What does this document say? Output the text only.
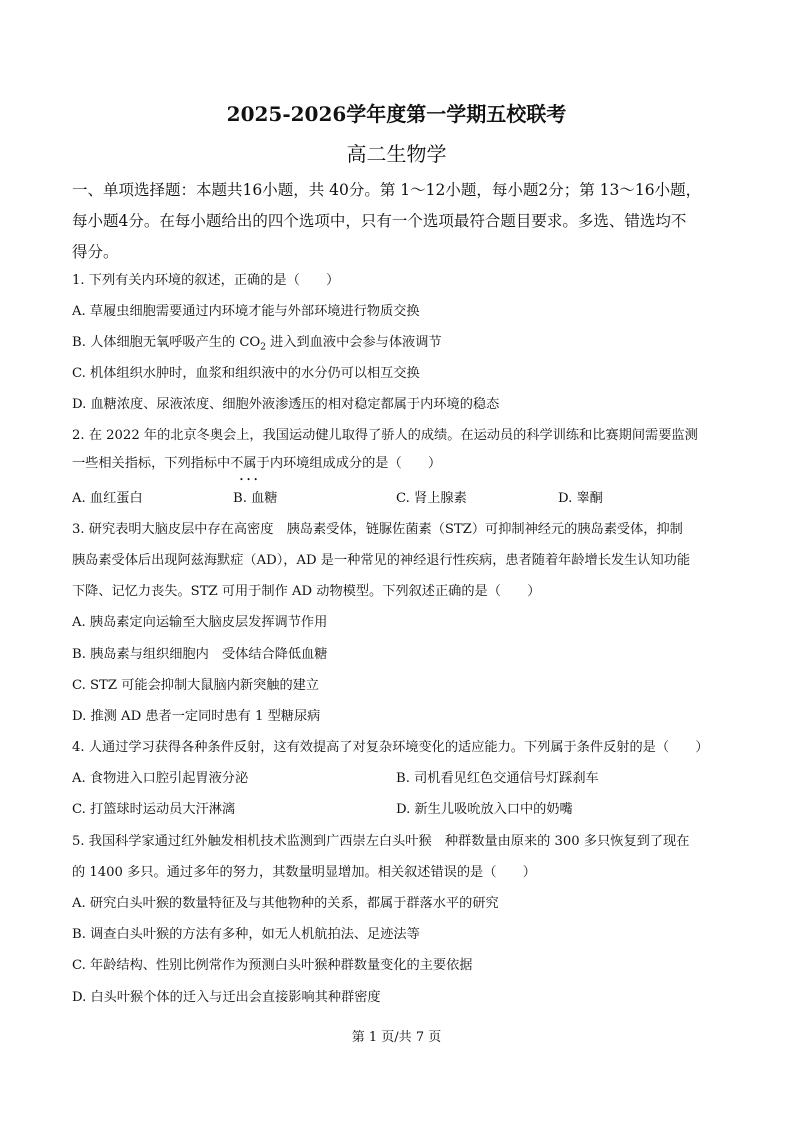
2025-2026学年度第一学期五校联考
高二生物学
一、单项选择题：本题共16小题，共 40分。第 1～12小题，每小题2分；第 13～16小题，
每小题4分。在每小题给出的四个选项中，只有一个选项最符合题目要求。多选、错选均不
得分。
1. 下列有关内环境的叙述，正确的是（　　）
A. 草履虫细胞需要通过内环境才能与外部环境进行物质交换
B. 人体细胞无氧呼吸产生的 $CO_2$ 进入到血液中会参与体液调节
C. 机体组织水肿时，血浆和组织液中的水分仍可以相互交换
D. 血糖浓度、尿液浓度、细胞外液渗透压的相对稳定都属于内环境的稳态
2. 在 2022 年的北京冬奥会上，我国运动健儿取得了骄人的成绩。在运动员的科学训练和比赛期间需要监测
一些相关指标，下列指标中不属于 •••内环境组成成分的是（　　）
A. 血红蛋白	B. 血糖	C. 肾上腺素	D. 睾酮
3. 研究表明大脑皮层中存在高密度　胰岛素受体，链脲佐菌素（STZ）可抑制神经元的胰岛素受体，抑制
胰岛素受体后出现阿兹海默症（AD），AD 是一种常见的神经退行性疾病，患者随着年龄增长发生认知功能
下降、记忆力丧失。STZ 可用于制作 AD 动物模型。下列叙述正确的是（　　）
A. 胰岛素定向运输至大脑皮层发挥调节作用
B. 胰岛素与组织细胞内　受体结合降低血糖
C. STZ 可能会抑制大鼠脑内新突触的建立
D. 推测 AD 患者一定同时患有 1 型糖尿病
4. 人通过学习获得各种条件反射，这有效提高了对复杂环境变化的适应能力。下列属于条件反射的是（　　）
A. 食物进入口腔引起胃液分泌	B. 司机看见红色交通信号灯踩刹车
C. 打篮球时运动员大汗淋漓	D. 新生儿吸吮放入口中的奶嘴
5. 我国科学家通过红外触发相机技术监测到广西崇左白头叶猴　种群数量由原来的 300 多只恢复到了现在
的 1400 多只。通过多年的努力，其数量明显增加。相关叙述错误的是（　　）
A. 研究白头叶猴的数量特征及与其他物种的关系，都属于群落水平的研究
B. 调查白头叶猴的方法有多种，如无人机航拍法、足迹法等
C. 年龄结构、性别比例常作为预测白头叶猴种群数量变化的主要依据
D. 白头叶猴个体的迁入与迁出会直接影响其种群密度
第 1 页/共 7 页
